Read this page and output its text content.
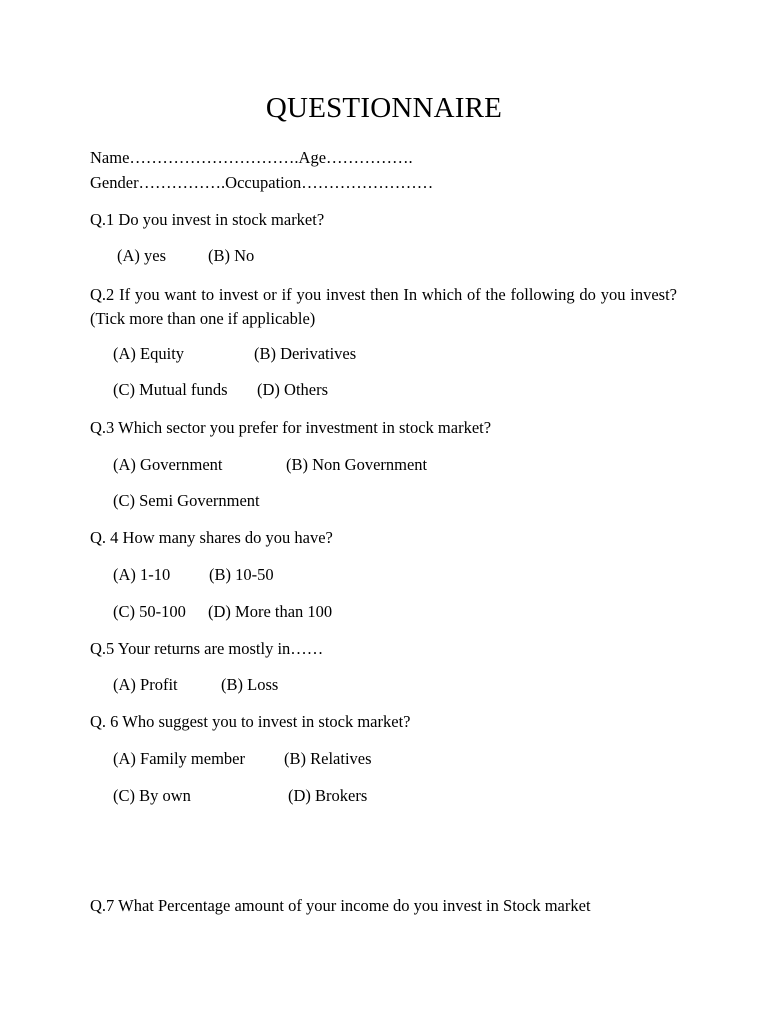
QUESTIONNAIRE
Name………………………….Age…………….
Gender…………….Occupation……………………
Q.1 Do you invest in stock market?
(A) yes	(B) No
Q.2 If you want to invest or if you invest then In which of the following do you invest?(Tick more than one if applicable)
(A) Equity	(B) Derivatives
(C) Mutual funds (D) Others
Q.3 Which sector you prefer for investment in stock market?
(A) Government	(B) Non Government
(C) Semi Government
Q. 4 How many shares do you have?
(A) 1-10 (B) 10-50
(C) 50-100 (D) More than 100
Q.5 Your returns are mostly in……
(A) Profit	(B) Loss
Q. 6 Who suggest you to invest in stock market?
(A) Family member (B) Relatives
(C) By own	(D) Brokers
Q.7 What Percentage amount of your income do you invest in Stock market
